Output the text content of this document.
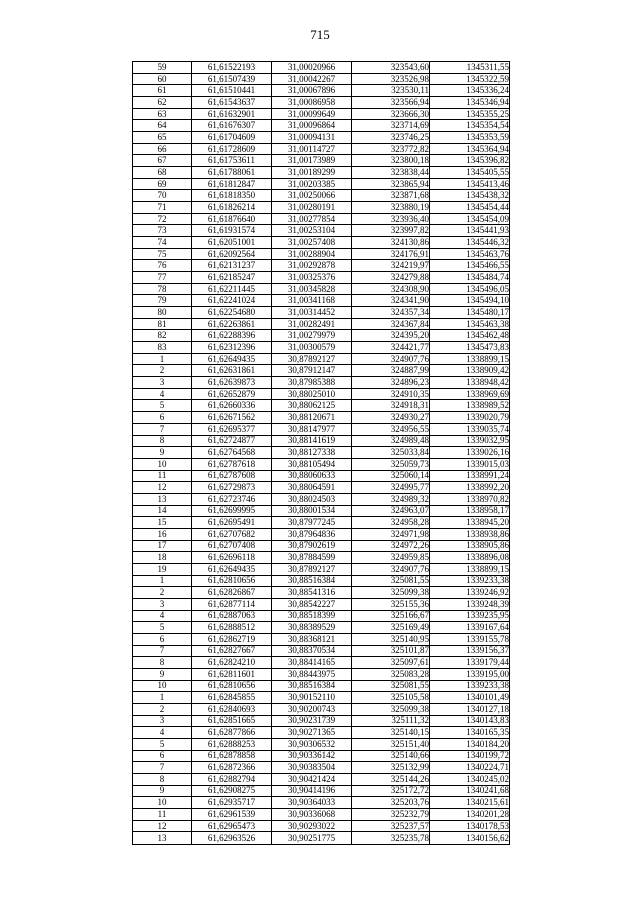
715
59	61,61522193	31,00020966	323543,60	1345311,55
60	61,61507439	31,00042267	323526,98	1345322,59
61	61,61510441	31,00067896	323530,11	1345336,24
62	61,61543637	31,00086958	323566,94	1345346,94
63	61,61632901	31,00099649	323666,30	1345355,25
64	61,61676307	31,00096864	323714,69	1345354,54
65	61,61704609	31,00094131	323746,25	1345353,59
66	61,61728609	31,00114727	323772,82	1345364,94
67	61,61753611	31,00173989	323800,18	1345396,82
68	61,61788061	31,00189299	323838,44	1345405,55
69	61,61812847	31,00203385	323865,94	1345413,46
70	61,61818350	31,00250066	323871,68	1345438,32
71	61,61826214	31,00280191	323880,19	1345454,44
72	61,61876640	31,00277854	323936,40	1345454,09
73	61,61931574	31,00253104	323997,82	1345441,93
74	61,62051001	31,00257408	324130,86	1345446,32
75	61,62092564	31,00288904	324176,91	1345463,76
76	61,62131237	31,00292878	324219,97	1345466,55
77	61,62185247	31,00325376	324279,88	1345484,74
78	61,62211445	31,00345828	324308,90	1345496,05
79	61,62241024	31,00341168	324341,90	1345494,10
80	61,62254680	31,00314452	324357,34	1345480,17
81	61,62263861	31,00282491	324367,84	1345463,38
82	61,62288396	31,00279979	324395,20	1345462,48
83	61,62312396	31,00300579	324421,77	1345473,83
1	61,62649435	30,87892127	324907,76	1338899,15
2	61,62631861	30,87912147	324887,99	1338909,42
3	61,62639873	30,87985388	324896,23	1338948,42
4	61,62652879	30,88025010	324910,35	1338969,69
5	61,62660336	30,88062125	324918,31	1338989,52
6	61,62671562	30,88120671	324930,27	1339020,79
7	61,62695377	30,88147977	324956,55	1339035,74
8	61,62724877	30,88141619	324989,48	1339032,95
9	61,62764568	30,88127338	325033,84	1339026,16
10	61,62787618	30,88105494	325059,73	1339015,03
11	61,62787608	30,88060633	325060,14	1338991,24
12	61,62729873	30,88064591	324995,77	1338992,20
13	61,62723746	30,88024503	324989,32	1338970,82
14	61,62699995	30,88001534	324963,07	1338958,17
15	61,62695491	30,87977245	324958,28	1338945,20
16	61,62707682	30,87964836	324971,98	1338938,86
17	61,62707408	30,87902619	324972,26	1338905,86
18	61,62696118	30,87884599	324959,85	1338896,08
19	61,62649435	30,87892127	324907,76	1338899,15
1	61,62810656	30,88516384	325081,55	1339233,38
2	61,62826867	30,88541316	325099,38	1339246,92
3	61,62877114	30,88542227	325155,36	1339248,39
4	61,62887063	30,88518399	325166,67	1339235,95
5	61,62888512	30,88389529	325169,49	1339167,64
6	61,62862719	30,88368121	325140,95	1339155,78
7	61,62827667	30,88370534	325101,87	1339156,37
8	61,62824210	30,88414165	325097,61	1339179,44
9	61,62811601	30,88443975	325083,28	1339195,00
10	61,62810656	30,88516384	325081,55	1339233,38
1	61,62845855	30,90152110	325105,58	1340101,49
2	61,62840693	30,90200743	325099,38	1340127,18
3	61,62851665	30,90231739	325111,32	1340143,83
4	61,62877866	30,90271365	325140,15	1340165,35
5	61,62888253	30,90306532	325151,40	1340184,20
6	61,62878858	30,90336142	325140,66	1340199,72
7	61,62872366	30,90383504	325132,99	1340224,71
8	61,62882794	30,90421424	325144,26	1340245,02
9	61,62908275	30,90414196	325172,72	1340241,68
10	61,62935717	30,90364033	325203,76	1340215,61
11	61,62961539	30,90336068	325232,79	1340201,28
12	61,62965473	30,90293022	325237,57	1340178,53
13	61,62963526	30,90251775	325235,78	1340156,62
